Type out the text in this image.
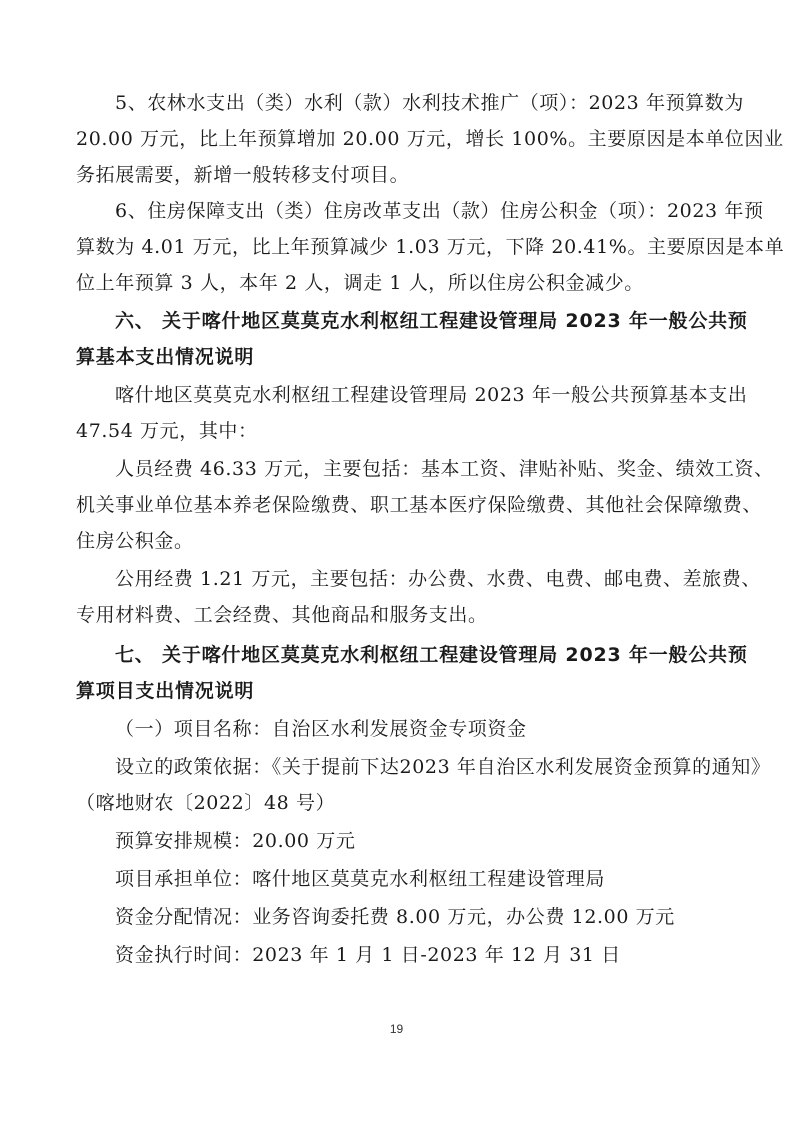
5、农林水支出（类）水利（款）水利技术推广（项）：2023 年预算数为
20.00 万元，比上年预算增加 20.00 万元，增长 100%。主要原因是本单位因业
务拓展需要，新增一般转移支付项目。
6、住房保障支出（类）住房改革支出（款）住房公积金（项）：2023 年预
算数为 4.01 万元，比上年预算减少 1.03 万元，下降 20.41%。主要原因是本单
位上年预算 3 人，本年 2 人，调走 1 人，所以住房公积金减少。
六、 关于喀什地区莫莫克水利枢纽工程建设管理局 2023 年一般公共预
算基本支出情况说明
喀什地区莫莫克水利枢纽工程建设管理局 2023 年一般公共预算基本支出
47.54 万元，其中：
人员经费 46.33 万元，主要包括：基本工资、津贴补贴、奖金、绩效工资、
机关事业单位基本养老保险缴费、职工基本医疗保险缴费、其他社会保障缴费、
住房公积金。
公用经费 1.21 万元，主要包括：办公费、水费、电费、邮电费、差旅费、
专用材料费、工会经费、其他商品和服务支出。
七、 关于喀什地区莫莫克水利枢纽工程建设管理局 2023 年一般公共预
算项目支出情况说明
（一）项目名称：自治区水利发展资金专项资金
设立的政策依据：《关于提前下达2023 年自治区水利发展资金预算的通知》
（喀地财农〔2022〕48 号）
预算安排规模：20.00 万元
项目承担单位：喀什地区莫莫克水利枢纽工程建设管理局
资金分配情况：业务咨询委托费 8.00 万元，办公费 12.00 万元
资金执行时间：2023 年 1 月 1 日-2023 年 12 月 31 日
19
